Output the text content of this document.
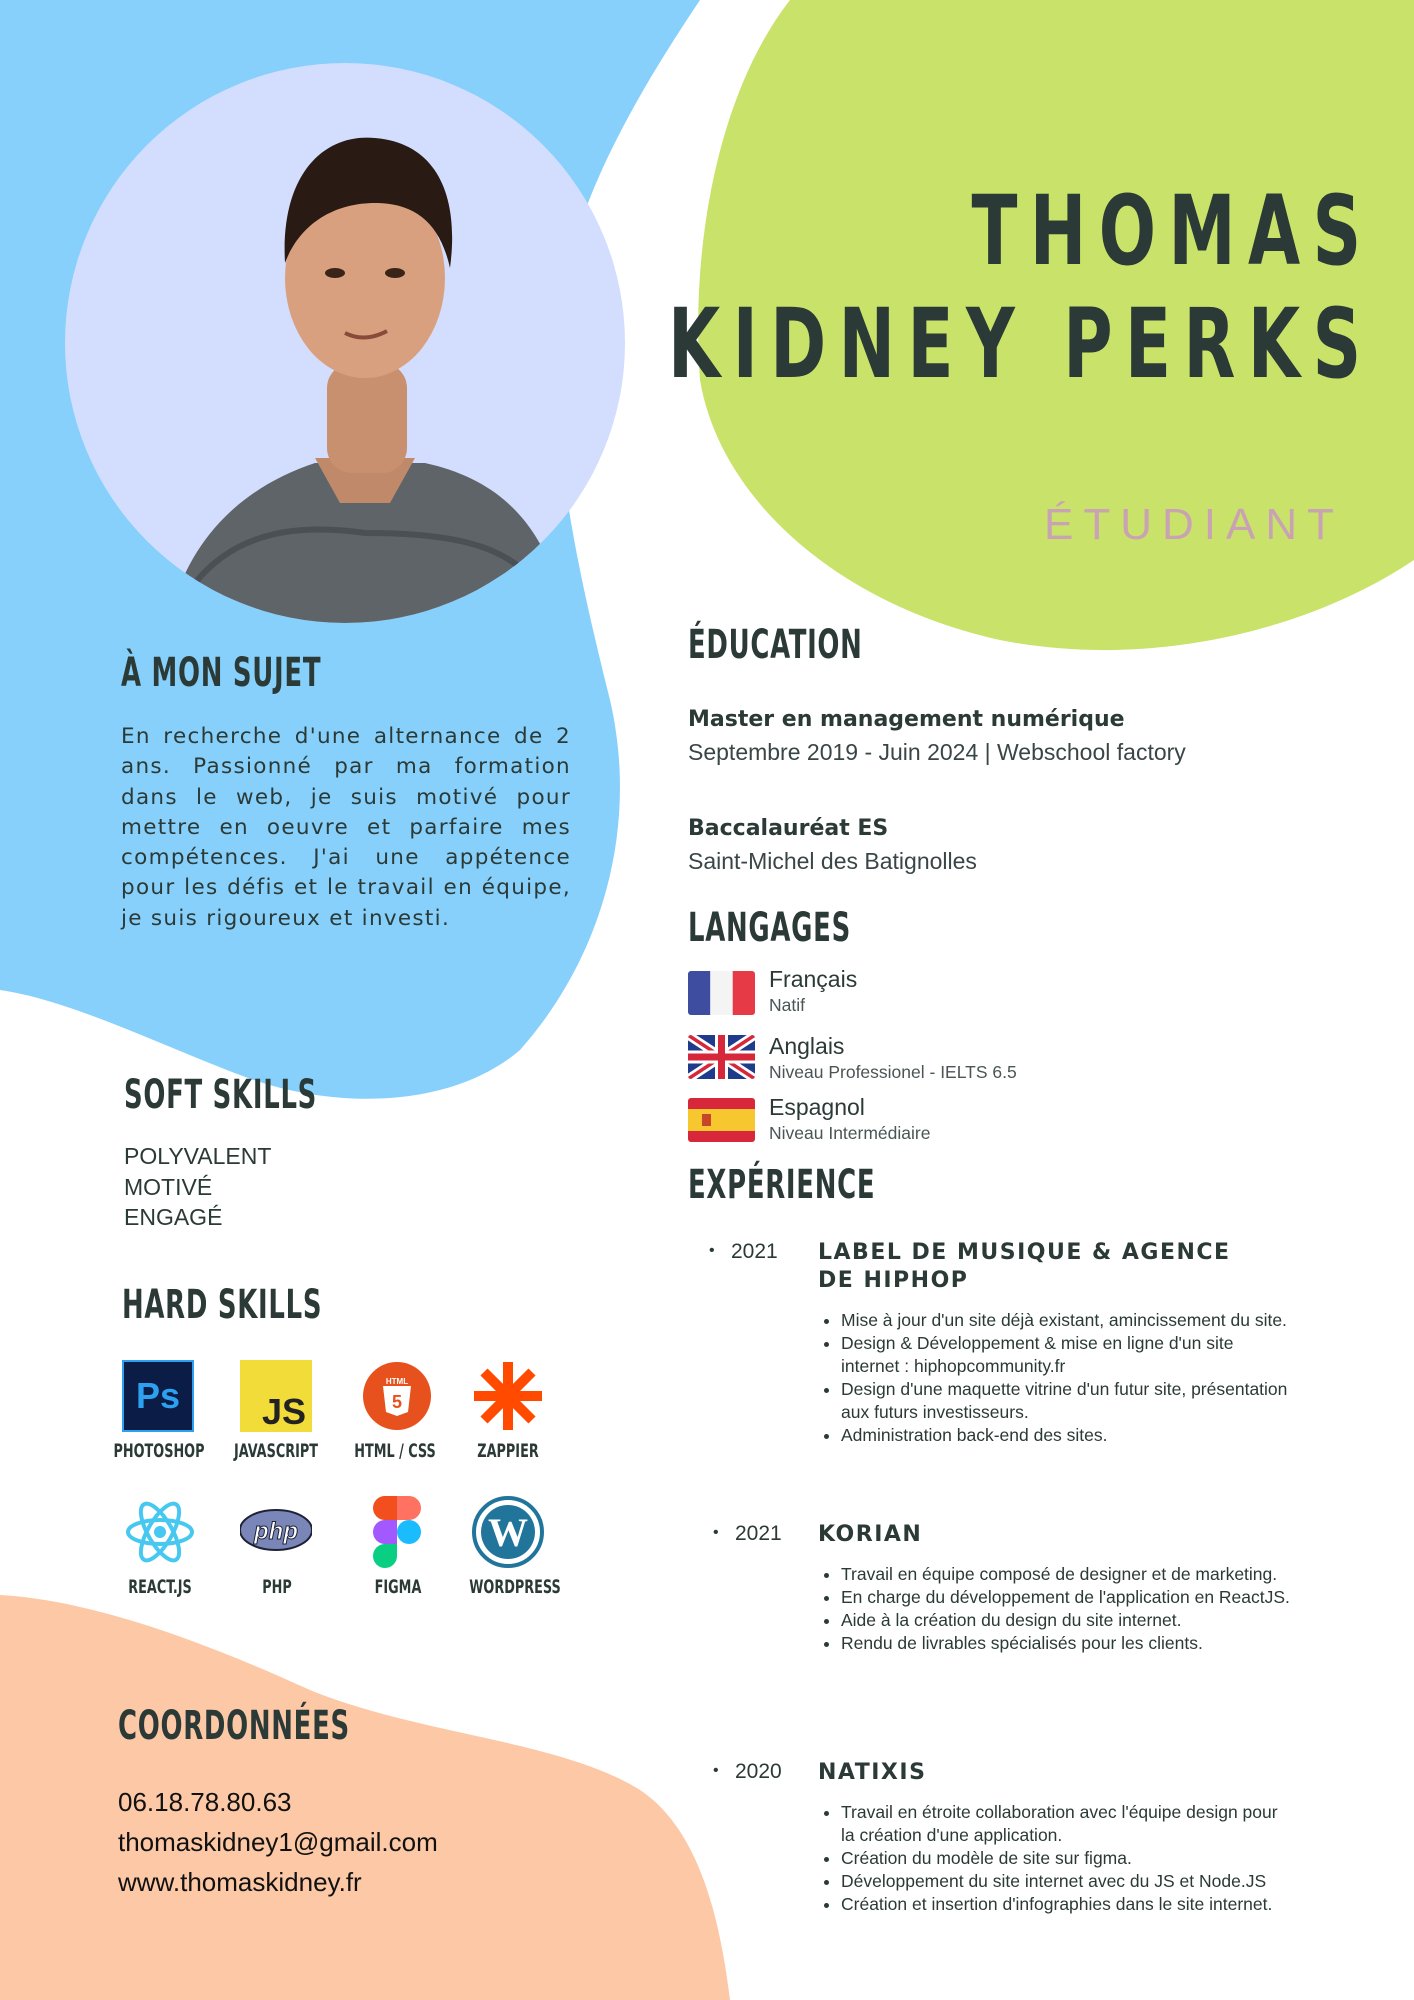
THOMAS
KIDNEY PERKS
ÉTUDIANT
À MON SUJET
En recherche d'une alternance de 2 ans. Passionné par ma formation dans le web, je suis motivé pour mettre en oeuvre et parfaire mes compétences. J'ai une appétence pour les défis et le travail en équipe, je suis rigoureux et investi.
SOFT SKILLS
POLYVALENT
MOTIVÉ
ENGAGÉ
HARD SKILLS
Ps JS
HTML
5
PHOTOSHOP	JAVASCRIPT	HTML / CSS	ZAPPIER
php	W
REACT.JS	PHP	FIGMA	WORDPRESS
COORDONNÉES
06.18.78.80.63
thomaskidney1@gmail.com
www.thomaskidney.fr
ÉDUCATION
Master en management numérique
Septembre 2019 - Juin 2024 | Webschool factory
Baccalauréat ES
Saint-Michel des Batignolles
LANGAGES
Français
Natif
Anglais
Niveau Professionel - IELTS 6.5
Espagnol
Niveau Intermédiaire
EXPÉRIENCE
• 2021 LABEL DE MUSIQUE & AGENCE DE HIPHOP
• Mise à jour d'un site déjà existant, amincissement du site.
• Design & Développement & mise en ligne d'un site internet : hiphopcommunity.fr
• Design d'une maquette vitrine d'un futur site, présentation aux futurs investisseurs.
• Administration back-end des sites.
• 2021 KORIAN
• Travail en équipe composé de designer et de marketing.
• En charge du développement de l'application en ReactJS.
• Aide à la création du design du site internet.
• Rendu de livrables spécialisés pour les clients.
• 2020 NATIXIS
• Travail en étroite collaboration avec l'équipe design pour la création d'une application.
• Création du modèle de site sur figma.
• Développement du site internet avec du JS et Node.JS
• Création et insertion d'infographies dans le site internet.
